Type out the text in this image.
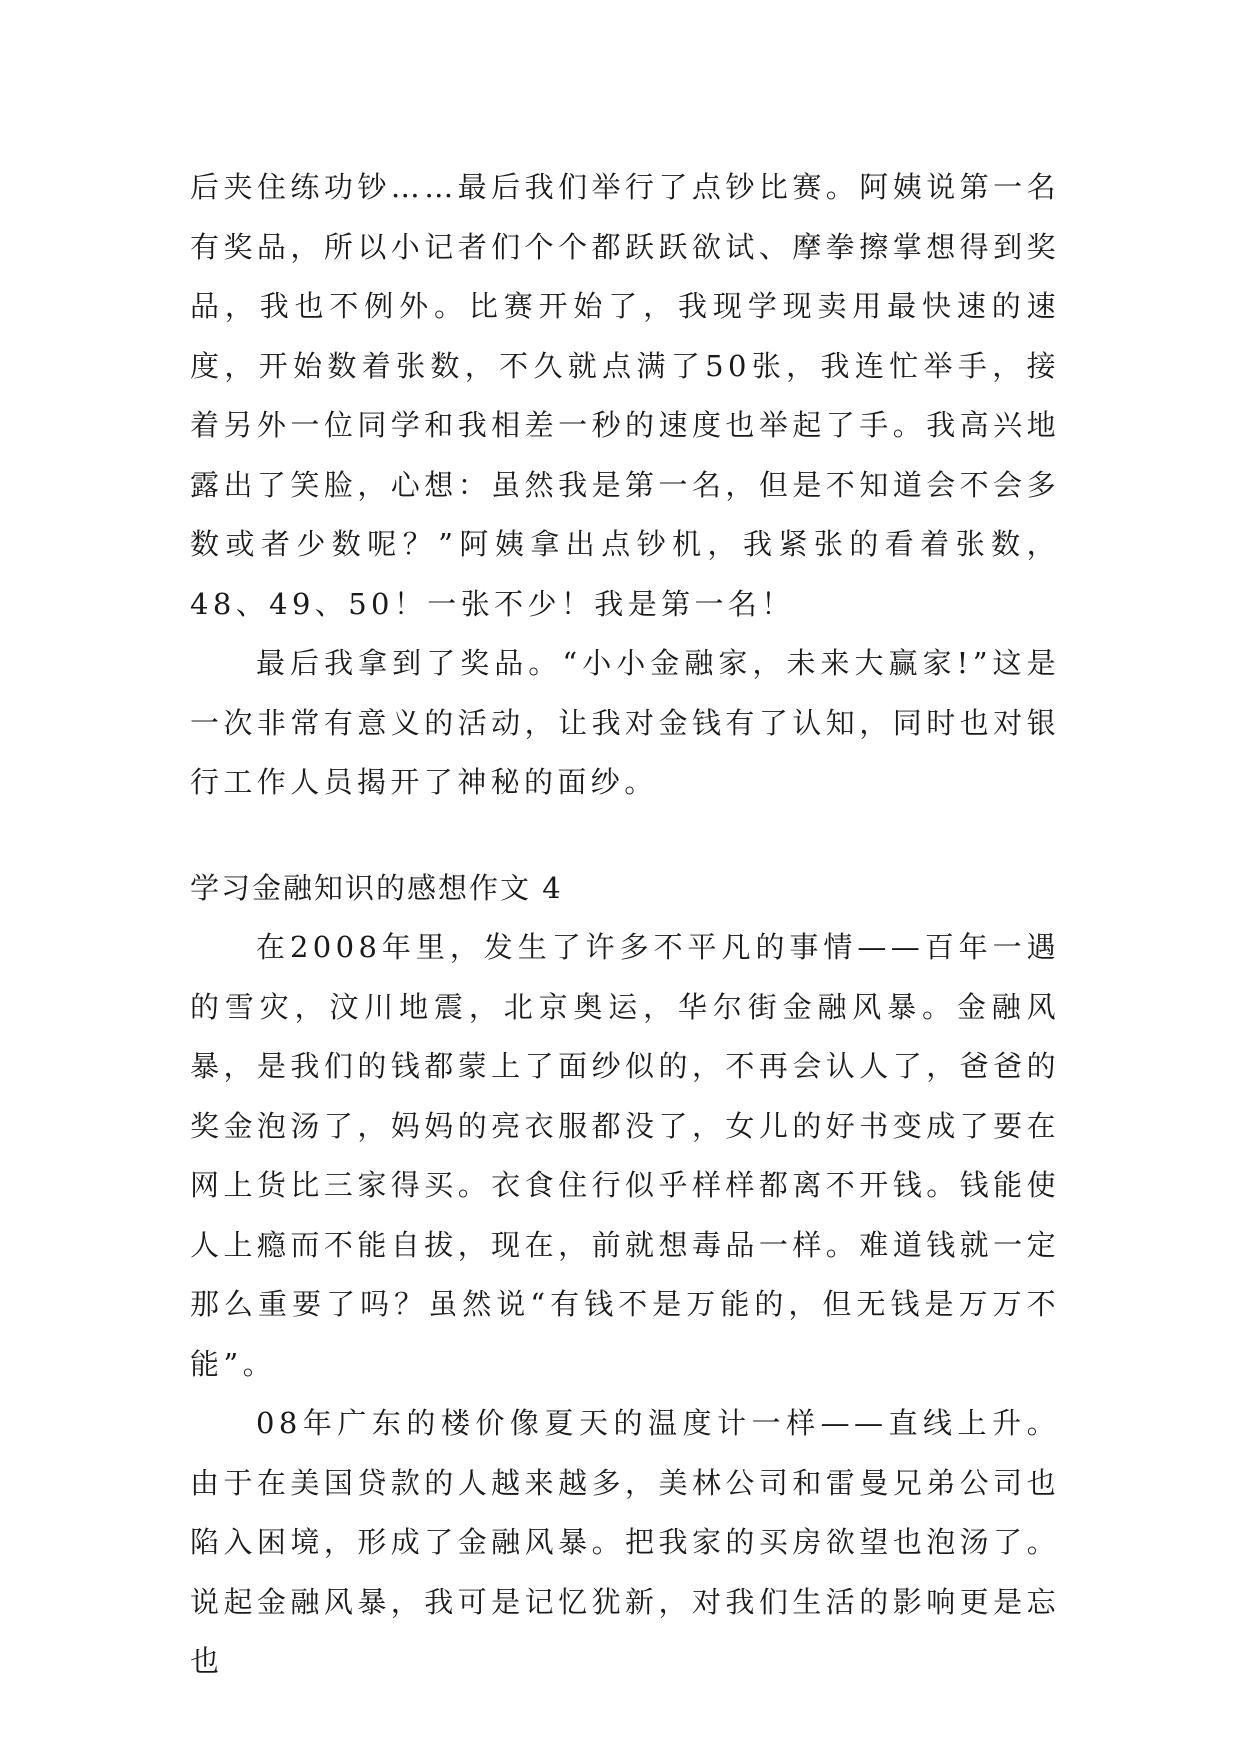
后夹住练功钞……最后我们举行了点钞比赛。阿姨说第一名有奖品，所以小记者们个个都跃跃欲试、摩拳擦掌想得到奖品，我也不例外。比赛开始了，我现学现卖用最快速的速度，开始数着张数，不久就点满了50张，我连忙举手，接着另外一位同学和我相差一秒的速度也举起了手。我高兴地露出了笑脸，心想：虽然我是第一名，但是不知道会不会多数或者少数呢？”阿姨拿出点钞机，我紧张的看着张数，48、49、50！一张不少！我是第一名！

最后我拿到了奖品。“小小金融家，未来大赢家!”这是一次非常有意义的活动，让我对金钱有了认知，同时也对银行工作人员揭开了神秘的面纱。

学习金融知识的感想作文 4

在2008年里，发生了许多不平凡的事情——百年一遇的雪灾，汶川地震，北京奥运，华尔街金融风暴。金融风暴，是我们的钱都蒙上了面纱似的，不再会认人了，爸爸的奖金泡汤了，妈妈的亮衣服都没了，女儿的好书变成了要在网上货比三家得买。衣食住行似乎样样都离不开钱。钱能使人上瘾而不能自拔，现在，前就想毒品一样。难道钱就一定那么重要了吗？虽然说“有钱不是万能的，但无钱是万万不能”。

08年广东的楼价像夏天的温度计一样——直线上升。由于在美国贷款的人越来越多，美林公司和雷曼兄弟公司也陷入困境，形成了金融风暴。把我家的买房欲望也泡汤了。说起金融风暴，我可是记忆犹新，对我们生活的影响更是忘也
